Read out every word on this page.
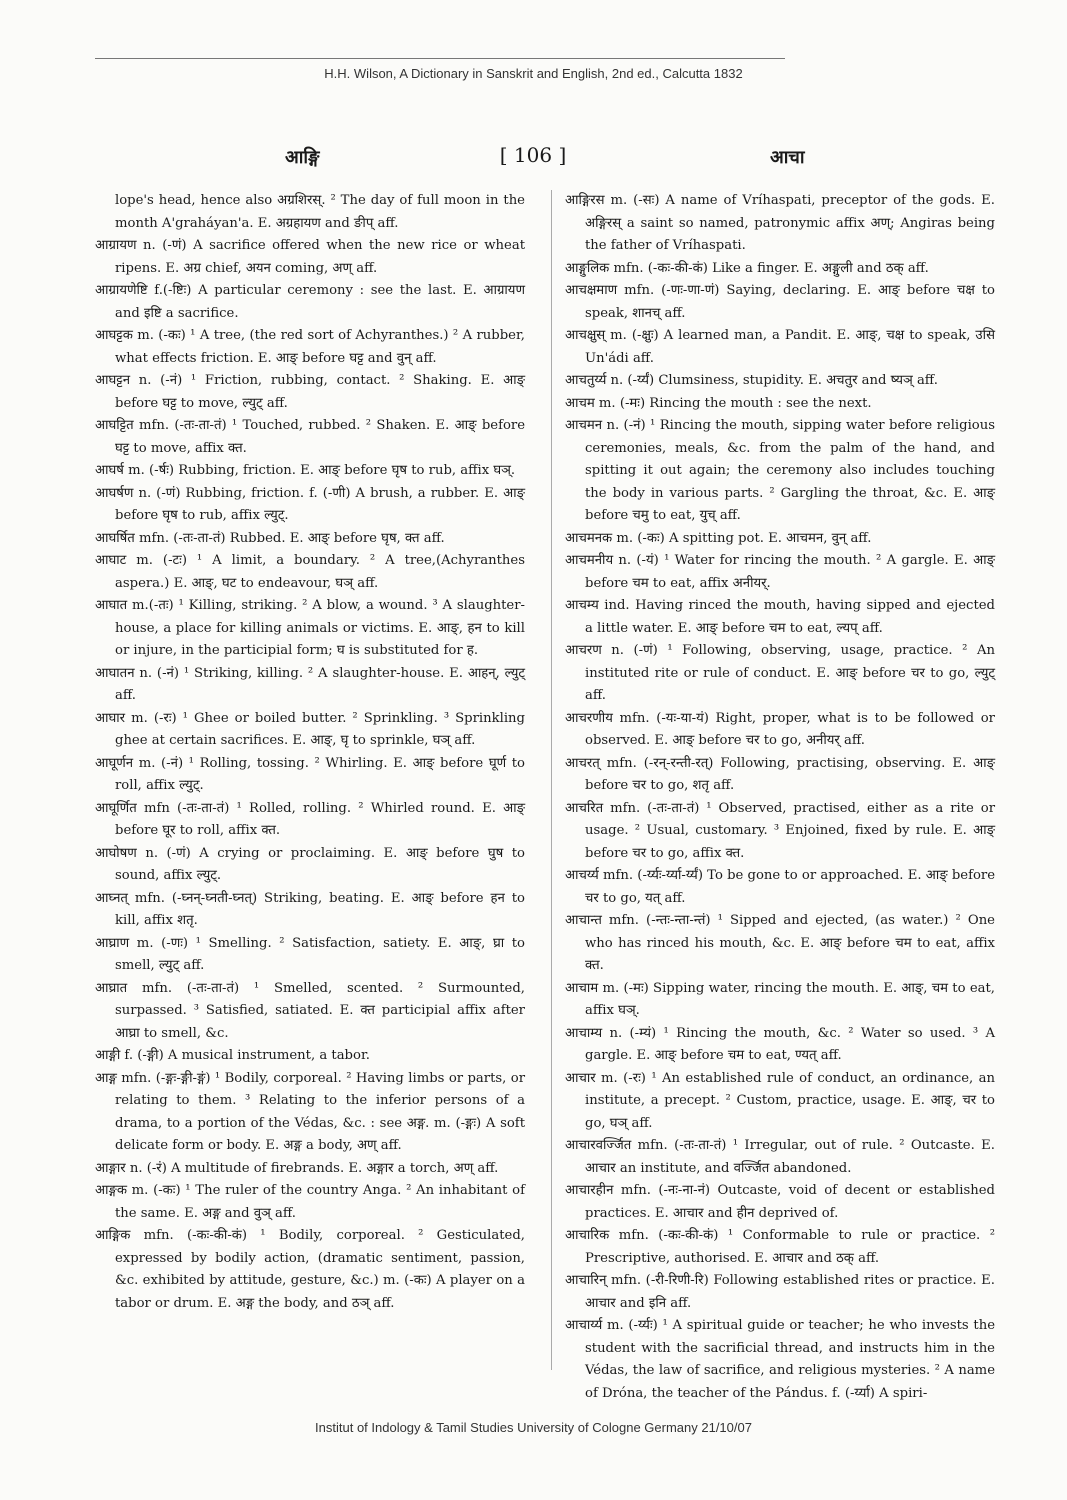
H.H. Wilson, A Dictionary in Sanskrit and English, 2nd ed., Calcutta 1832
आङ्गि	[ 106 ]	आचा

lope's head, hence also अग्रशिरस्. ² The day of full moon in the month A'graháyan'a. E. अग्रहायण and ङीप् aff.

आग्रायण n. (-णं) A sacrifice offered when the new rice or wheat ripens. E. अग्र chief, अयन coming, अण् aff.

आग्रायणेष्टि f.(-ष्टिः) A particular ceremony : see the last. E. आग्रायण and इष्टि a sacrifice.

आघट्टक m. (-कः) ¹ A tree, (the red sort of Achyranthes.) ² A rubber, what effects friction. E. आङ् before घट्ट and वुन् aff.

आघट्टन n. (-नं) ¹ Friction, rubbing, contact. ² Shaking. E. आङ् before घट्ट to move, ल्युट् aff.

आघट्टित mfn. (-तः-ता-तं) ¹ Touched, rubbed. ² Shaken. E. आङ् before घट्ट to move, affix क्त.

आघर्ष m. (-र्षः) Rubbing, friction. E. आङ् before घृष to rub, affix घञ्.

आघर्षण n. (-णं) Rubbing, friction. f. (-णी) A brush, a rubber. E. आङ् before घृष to rub, affix ल्युट्.

आघर्षित mfn. (-तः-ता-तं) Rubbed. E. आङ् before घृष, क्त aff.

आघाट m. (-टः) ¹ A limit, a boundary. ² A tree,(Achyranthes aspera.) E. आङ्, घट to endeavour, घञ् aff.

आघात m.(-तः) ¹ Killing, striking. ² A blow, a wound. ³ A slaughter-house, a place for killing animals or victims. E. आङ्, हन to kill or injure, in the participial form; घ is substituted for ह.

आघातन n. (-नं) ¹ Striking, killing. ² A slaughter-house. E. आहन्, ल्युट् aff.

आघार m. (-रः) ¹ Ghee or boiled butter. ² Sprinkling. ³ Sprinkling ghee at certain sacrifices. E. आङ्, घृ to sprinkle, घञ् aff.

आघूर्णन m. (-नं) ¹ Rolling, tossing. ² Whirling. E. आङ् before घूर्ण to roll, affix ल्युट्.

आघूर्णित mfn (-तः-ता-तं) ¹ Rolled, rolling. ² Whirled round. E. आङ् before घूर to roll, affix क्त.

आघोषण n. (-णं) A crying or proclaiming. E. आङ् before घुष to sound, affix ल्युट्.

आघ्नत् mfn. (-घ्नन्-घ्नती-घ्नत्) Striking, beating. E. आङ् before हन to kill, affix शतृ.

आघ्राण m. (-णः) ¹ Smelling. ² Satisfaction, satiety. E. आङ्, घ्रा to smell, ल्युट् aff.

आघ्रात mfn. (-तः-ता-तं) ¹ Smelled, scented. ² Surmounted, surpassed. ³ Satisfied, satiated. E. क्त participial affix after आघ्रा to smell, &c.

आङ्गी f. (-ङ्गी) A musical instrument, a tabor.

आङ्ग mfn. (-ङ्गः-ङ्गी-ङ्गं) ¹ Bodily, corporeal. ² Having limbs or parts, or relating to them. ³ Relating to the inferior persons of a drama, to a portion of the Védas, &c. : see अङ्ग. m. (-ङ्गः) A soft delicate form or body. E. अङ्ग a body, अण् aff.

आङ्गार n. (-रं) A multitude of firebrands. E. अङ्गार a torch, अण् aff.

आङ्गक m. (-कः) ¹ The ruler of the country Anga. ² An inhabitant of the same. E. अङ्ग and वुञ् aff.

आङ्गिक mfn. (-कः-की-कं) ¹ Bodily, corporeal. ² Gesticulated, expressed by bodily action, (dramatic sentiment, passion, &c. exhibited by attitude, gesture, &c.) m. (-कः) A player on a tabor or drum. E. अङ्ग the body, and ठञ् aff.

आङ्गिरस m. (-सः) A name of Vríhaspati, preceptor of the gods. E. अङ्गिरस् a saint so named, patronymic affix अण्; Angiras being the father of Vríhaspati.

आङ्गुलिक mfn. (-कः-की-कं) Like a finger. E. अङ्गुली and ठक् aff.

आचक्षमाण mfn. (-णः-णा-णं) Saying, declaring. E. आङ् before चक्ष to speak, शानच् aff.

आचक्षुस् m. (-क्षुः) A learned man, a Pandit. E. आङ्, चक्ष to speak, उसि Un'ádi aff.

आचतुर्य्य n. (-र्य्यं) Clumsiness, stupidity. E. अचतुर and ष्यञ् aff.

आचम m. (-मः) Rincing the mouth : see the next.

आचमन n. (-नं) ¹ Rincing the mouth, sipping water before religious ceremonies, meals, &c. from the palm of the hand, and spitting it out again; the ceremony also includes touching the body in various parts. ² Gargling the throat, &c. E. आङ् before चमु to eat, युच् aff.

आचमनक m. (-कः) A spitting pot. E. आचमन, वुन् aff.

आचमनीय n. (-यं) ¹ Water for rincing the mouth. ² A gargle. E. आङ् before चम to eat, affix अनीयर्.

आचम्य ind. Having rinced the mouth, having sipped and ejected a little water. E. आङ् before चम to eat, ल्यप् aff.

आचरण n. (-णं) ¹ Following, observing, usage, practice. ² An instituted rite or rule of conduct. E. आङ् before चर to go, ल्युट् aff.

आचरणीय mfn. (-यः-या-यं) Right, proper, what is to be followed or observed. E. आङ् before चर to go, अनीयर् aff.

आचरत् mfn. (-रन्-रन्ती-रत्) Following, practising, observing. E. आङ् before चर to go, शतृ aff.

आचरित mfn. (-तः-ता-तं) ¹ Observed, practised, either as a rite or usage. ² Usual, customary. ³ Enjoined, fixed by rule. E. आङ् before चर to go, affix क्त.

आचर्य्य mfn. (-र्य्यः-र्य्या-र्य्यं) To be gone to or approached. E. आङ् before चर to go, यत् aff.

आचान्त mfn. (-न्तः-न्ता-न्तं) ¹ Sipped and ejected, (as water.) ² One who has rinced his mouth, &c. E. आङ् before चम to eat, affix क्त.

आचाम m. (-मः) Sipping water, rincing the mouth. E. आङ्, चम to eat, affix घञ्.

आचाम्य n. (-म्यं) ¹ Rincing the mouth, &c. ² Water so used. ³ A gargle. E. आङ् before चम to eat, ण्यत् aff.

आचार m. (-रः) ¹ An established rule of conduct, an ordinance, an institute, a precept. ² Custom, practice, usage. E. आङ्, चर to go, घञ् aff.

आचारवर्ज्जित mfn. (-तः-ता-तं) ¹ Irregular, out of rule. ² Outcaste. E. आचार an institute, and वर्ज्जित abandoned.

आचारहीन mfn. (-नः-ना-नं) Outcaste, void of decent or established practices. E. आचार and हीन deprived of.

आचारिक mfn. (-कः-की-कं) ¹ Conformable to rule or practice. ² Prescriptive, authorised. E. आचार and ठक् aff.

आचारिन् mfn. (-री-रिणी-रि) Following established rites or practice. E. आचार and इनि aff.

आचार्य्य m. (-र्य्यः) ¹ A spiritual guide or teacher; he who invests the student with the sacrificial thread, and instructs him in the Védas, the law of sacrifice, and religious mysteries. ² A name of Dróna, the teacher of the Pándus. f. (-र्य्या) A spiri-

Institut of Indology & Tamil Studies University of Cologne Germany 21/10/07
